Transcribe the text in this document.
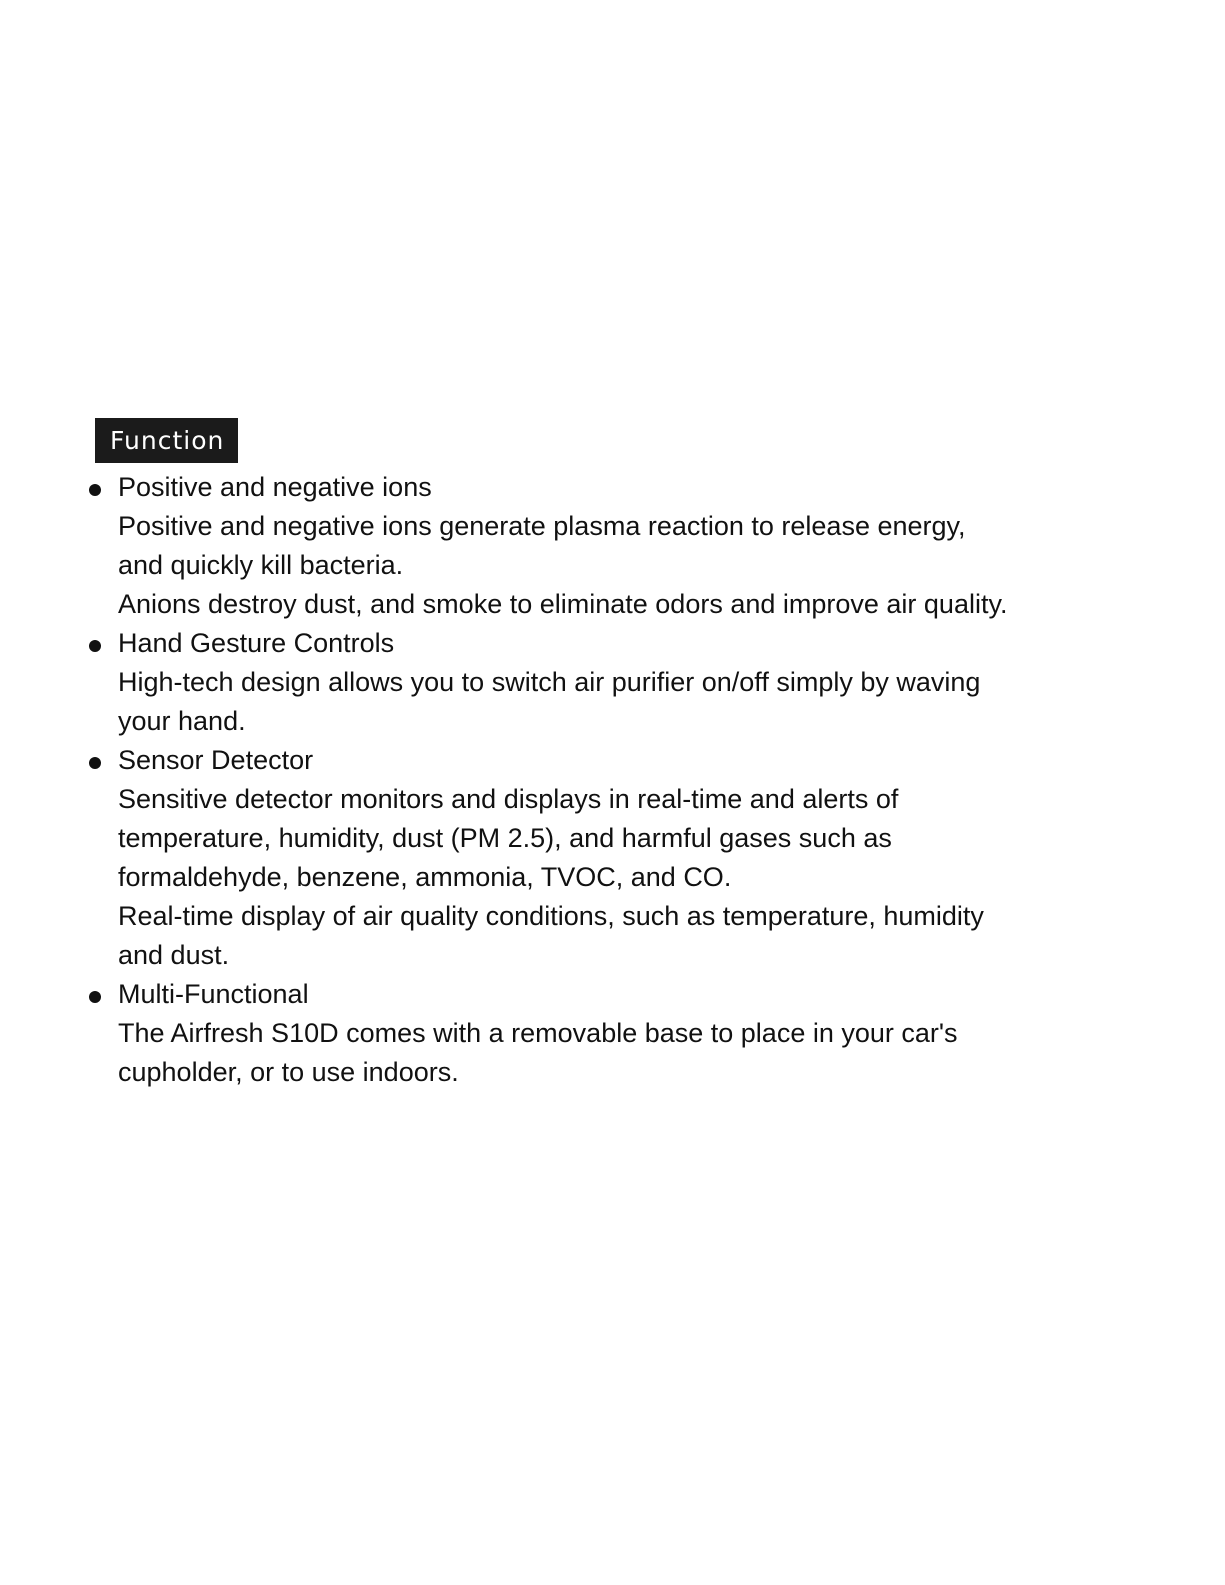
Function
Positive and negative ions
Positive and negative ions generate plasma reaction to release energy,
and quickly kill bacteria.
Anions destroy dust, and smoke to eliminate odors and improve air quality.
Hand Gesture Controls
High-tech design allows you to switch air purifier on/off simply by waving
your hand.
Sensor Detector
Sensitive detector monitors and displays in real-time and alerts of
temperature, humidity, dust (PM 2.5), and harmful gases such as
formaldehyde, benzene, ammonia, TVOC, and CO.
Real-time display of air quality conditions, such as temperature, humidity
and dust.
Multi-Functional
The Airfresh S10D comes with a removable base to place in your car's
cupholder, or to use indoors.
